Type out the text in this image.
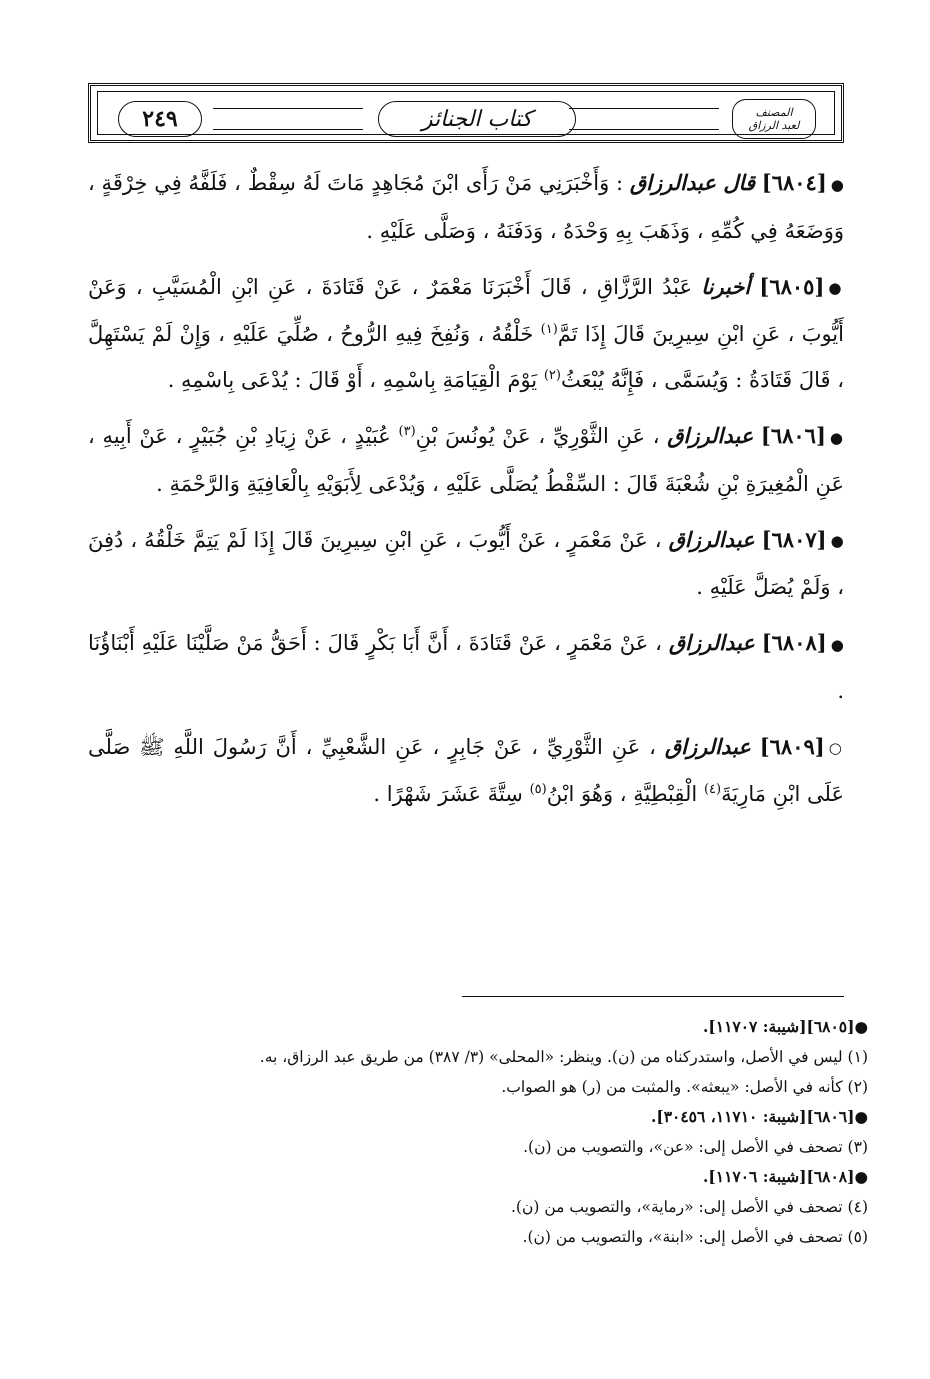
٢٤٩	كتاب الجنائز	المصنف
لعبد الرزاق

●[٦٨٠٤] قال عبدالرزاق : وَأَخْبَرَنِي مَنْ رَأَى ابْنَ مُجَاهِدٍ مَاتَ لَهُ سِقْطٌ ، فَلَفَّهُ فِي خِرْقَةٍ ، وَوَضَعَهُ فِي كُمِّهِ ، وَذَهَبَ بِهِ وَحْدَهُ ، وَدَفَنَهُ ، وَصَلَّى عَلَيْهِ .

●[٦٨٠٥] أخبرنا عَبْدُ الرَّزَّاقِ ، قَالَ أَخْبَرَنَا مَعْمَرٌ ، عَنْ قَتَادَةَ ، عَنِ ابْنِ الْمُسَيَّبِ ، وَعَنْ أَيُّوبَ ، عَنِ ابْنِ سِيرِينَ قَالَ إِذَا تَمَّ$^{(١)}$ خَلْقُهُ ، وَنُفِخَ فِيهِ الرُّوحُ ، صُلِّيَ عَلَيْهِ ، وَإِنْ لَمْ يَسْتَهِلَّ ، قَالَ قَتَادَةُ : وَيُسَمَّى ، فَإِنَّهُ يُبْعَثُ$^{(٢)}$ يَوْمَ الْقِيَامَةِ بِاسْمِهِ ، أَوْ قَالَ : يُدْعَى بِاسْمِهِ .

●[٦٨٠٦] عبدالرزاق ، عَنِ الثَّوْرِيِّ ، عَنْ يُونُسَ بْنِ$^{(٣)}$ عُبَيْدٍ ، عَنْ زِيَادِ بْنِ جُبَيْرٍ ، عَنْ أَبِيهِ ، عَنِ الْمُغِيرَةِ بْنِ شُعْبَةَ قَالَ : السِّقْطُ يُصَلَّى عَلَيْهِ ، وَيُدْعَى لِأَبَوَيْهِ بِالْعَافِيَةِ وَالرَّحْمَةِ .

●[٦٨٠٧] عبدالرزاق ، عَنْ مَعْمَرٍ ، عَنْ أَيُّوبَ ، عَنِ ابْنِ سِيرِينَ قَالَ إِذَا لَمْ يَتِمَّ خَلْقُهُ ، دُفِنَ ، وَلَمْ يُصَلَّ عَلَيْهِ .

●[٦٨٠٨] عبدالرزاق ، عَنْ مَعْمَرٍ ، عَنْ قَتَادَةَ ، أَنَّ أَبَا بَكْرٍ قَالَ : أَحَقُّ مَنْ صَلَّيْنَا عَلَيْهِ أَبْنَاؤُنَا .

○[٦٨٠٩] عبدالرزاق ، عَنِ الثَّوْرِيِّ ، عَنْ جَابِرٍ ، عَنِ الشَّعْبِيِّ ، أَنَّ رَسُولَ اللَّهِ ﷺ صَلَّى عَلَى ابْنِ مَارِيَةَ$^{(٤)}$ الْقِبْطِيَّةِ ، وَهُوَ ابْنُ$^{(٥)}$ سِتَّةَ عَشَرَ شَهْرًا .

●[٦٨٠٥][شيبة: ١١٧٠٧].
(١) ليس في الأصل، واستدركناه من (ن). وينظر: «المحلى» (٣/ ٣٨٧) من طريق عبد الرزاق، به.
(٢) كأنه في الأصل: «يبعثه». والمثبت من (ر) هو الصواب.
●[٦٨٠٦][شيبة: ١١٧١٠، ٣٠٤٥٦].
(٣) تصحف في الأصل إلى: «عن»، والتصويب من (ن).
●[٦٨٠٨][شيبة: ١١٧٠٦].
(٤) تصحف في الأصل إلى: «رماية»، والتصويب من (ن).
(٥) تصحف في الأصل إلى: «ابنة»، والتصويب من (ن).
